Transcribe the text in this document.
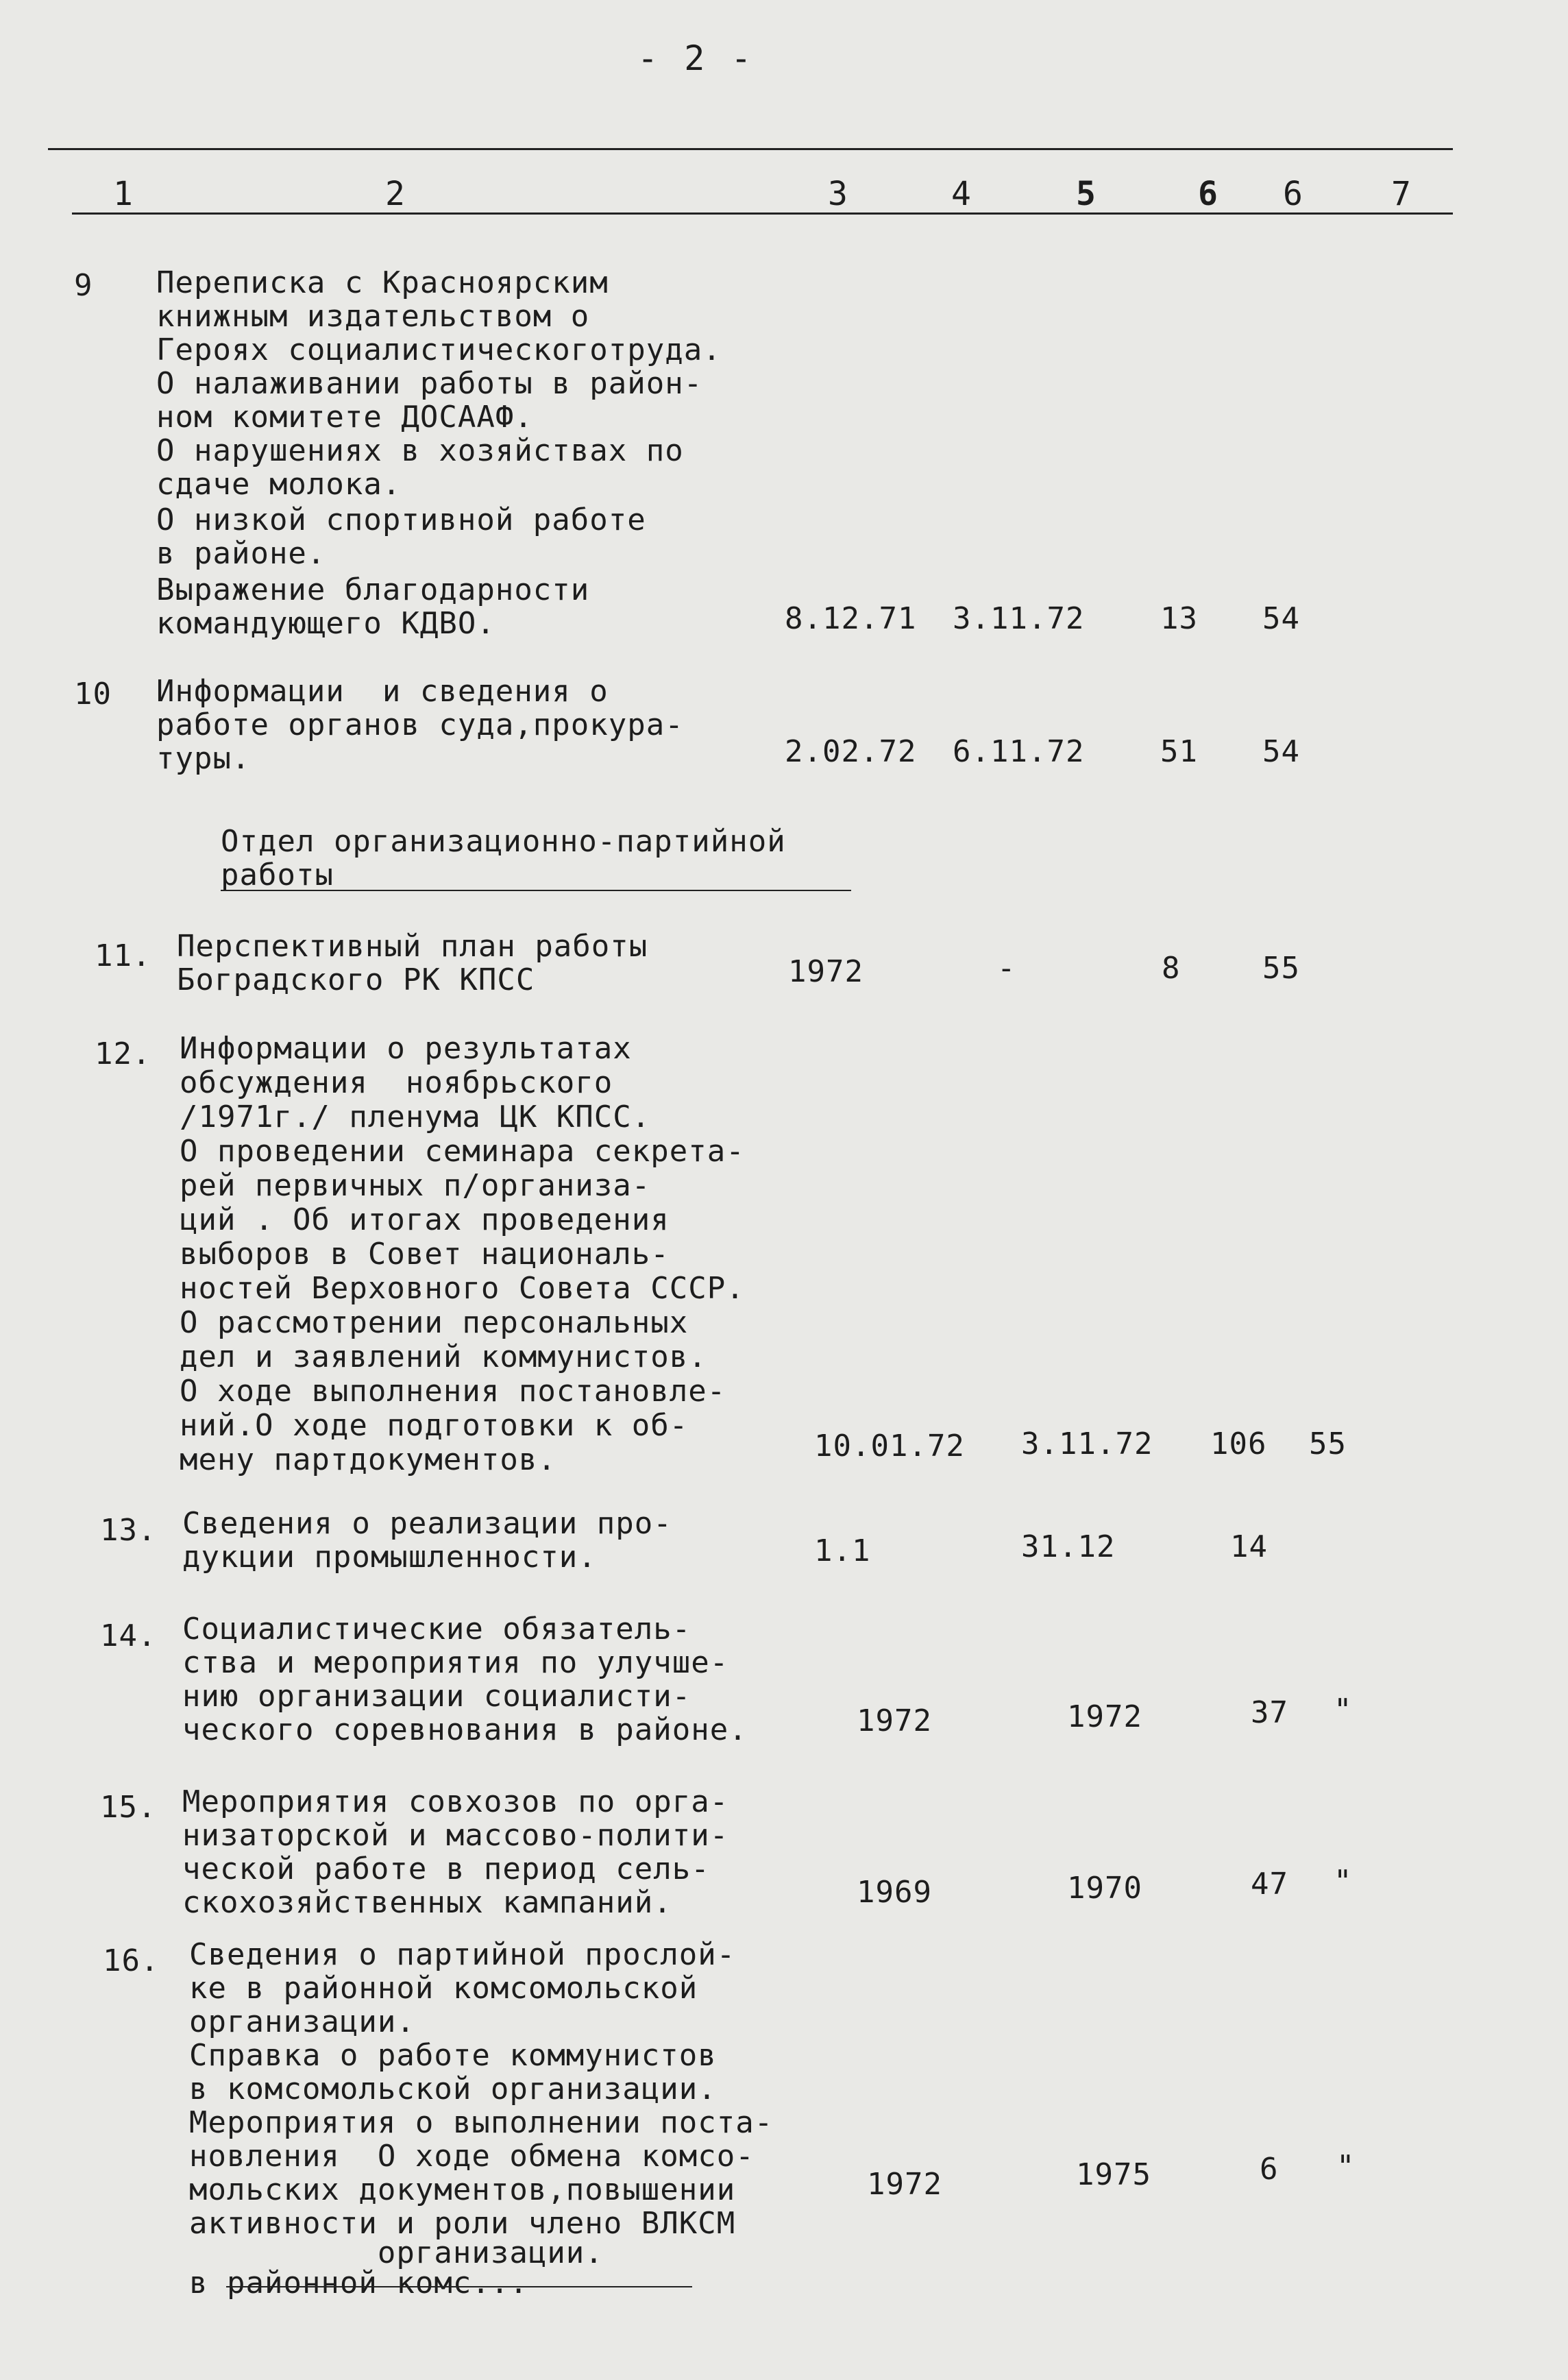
- 2 -
1	2	3	4	5	6 6	7
9 Переписка с Красноярским
книжным издательством о
Героях социалистическоготруда.
О налаживании работы в район-
ном комитете ДОСААФ.
О нарушениях в хозяйствах по
сдаче молока.
О низкой спортивной работе
в районе.
Выражение благодарности
командующего КДВО.	8.12.71 3.11.72	13 54
10 Информации  и сведения о
работе органов суда,прокура-
туры.	2.02.72 6.11.72	51 54
Отдел организационно-партийной
работы
11. Перспективный план работы
Боградского РК КПСС	1972	-	8	55
12. Информации о результатах
обсуждения  ноябрьского
/1971г./ пленума ЦК КПСС.
О проведении семинара секрета-
рей первичных п/организа-
ций . Об итогах проведения
выборов в Совет националь-
ностей Верховного Совета СССР.
О рассмотрении персональных
дел и заявлений коммунистов.
О ходе выполнения постановле-
ний.О ходе подготовки к об-
мену партдокументов.	10.01.72 3.11.72 106 55
13. Сведения о реализации про-
дукции промышленности.	1.1	31.12	14
14. Социалистические обязатель-
ства и мероприятия по улучше-
нию организации социалисти-
ческого соревнования в районе.	1972	1972	37 "
15. Мероприятия совхозов по орга-
низаторской и массово-полити-
ческой работе в период сель-
скохозяйственных кампаний.	1969	1970	47 "
16. Сведения о партийной прослой-
ке в районной комсомольской
организации.
Справка о работе коммунистов
в комсомольской организации.
Мероприятия о выполнении поста-
новления  О ходе обмена комсо-
мольских документов,повышении
активности и роли члено ВЛКСМ
организации.
в районной комс...
1972	1975	6 "
